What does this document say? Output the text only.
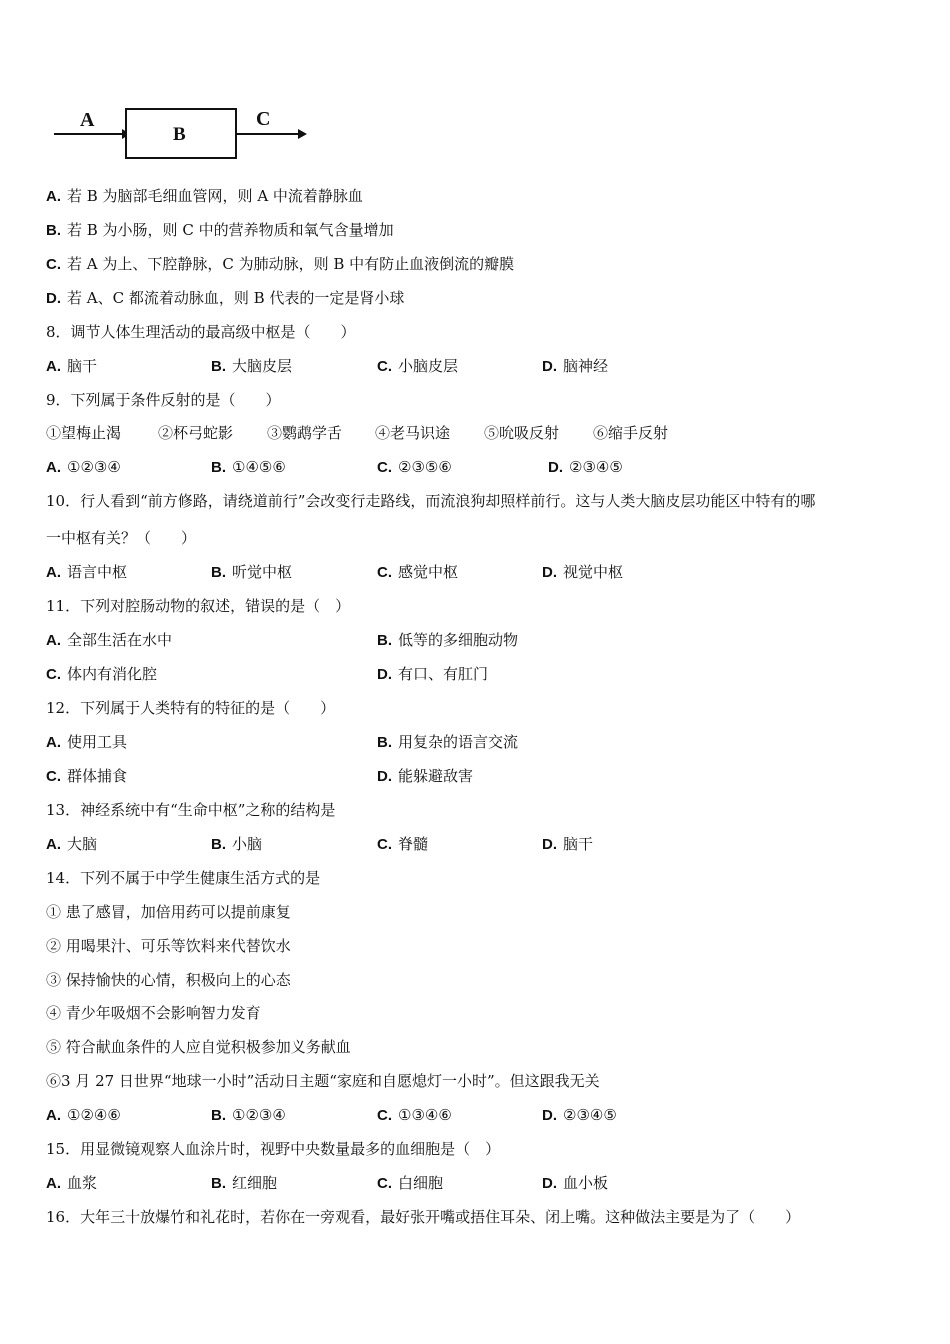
A
B
C
A. 若 B 为脑部毛细血管网，则 A 中流着静脉血
B. 若 B 为小肠，则 C 中的营养物质和氧气含量增加
C. 若 A 为上、下腔静脉，C 为肺动脉，则 B 中有防止血液倒流的瓣膜
D. 若 A、C 都流着动脉血，则 B 代表的一定是肾小球
8．调节人体生理活动的最高级中枢是（　　）
A. 脑干	B. 大脑皮层	C. 小脑皮层	D. 脑神经
9．下列属于条件反射的是（　　）
①望梅止渴 ②杯弓蛇影 ③鹦鹉学舌 ④老马识途 ⑤吮吸反射 ⑥缩手反射
A. ①②③④	B. ①④⑤⑥	C. ②③⑤⑥	D. ②③④⑤
10．行人看到“前方修路，请绕道前行”会改变行走路线，而流浪狗却照样前行。这与人类大脑皮层功能区中特有的哪
一中枢有关？（　　）
A. 语言中枢	B. 听觉中枢	C. 感觉中枢	D. 视觉中枢
11．下列对腔肠动物的叙述，错误的是（　）
A. 全部生活在水中	B. 低等的多细胞动物
C. 体内有消化腔	D. 有口、有肛门
12．下列属于人类特有的特征的是（　　）
A. 使用工具	B. 用复杂的语言交流
C. 群体捕食	D. 能躲避敌害
13．神经系统中有“生命中枢”之称的结构是
A. 大脑	B. 小脑	C. 脊髓	D. 脑干
14．下列不属于中学生健康生活方式的是
① 患了感冒，加倍用药可以提前康复
② 用喝果汁、可乐等饮料来代替饮水
③ 保持愉快的心情，积极向上的心态
④ 青少年吸烟不会影响智力发育
⑤ 符合献血条件的人应自觉积极参加义务献血
⑥3 月 27 日世界“地球一小时”活动日主题“家庭和自愿熄灯一小时”。但这跟我无关
A. ①②④⑥	B. ①②③④	C. ①③④⑥	D. ②③④⑤
15．用显微镜观察人血涂片时，视野中央数量最多的血细胞是（　）
A. 血浆	B. 红细胞	C. 白细胞	D. 血小板
16．大年三十放爆竹和礼花时，若你在一旁观看，最好张开嘴或捂住耳朵、闭上嘴。这种做法主要是为了（　　）
